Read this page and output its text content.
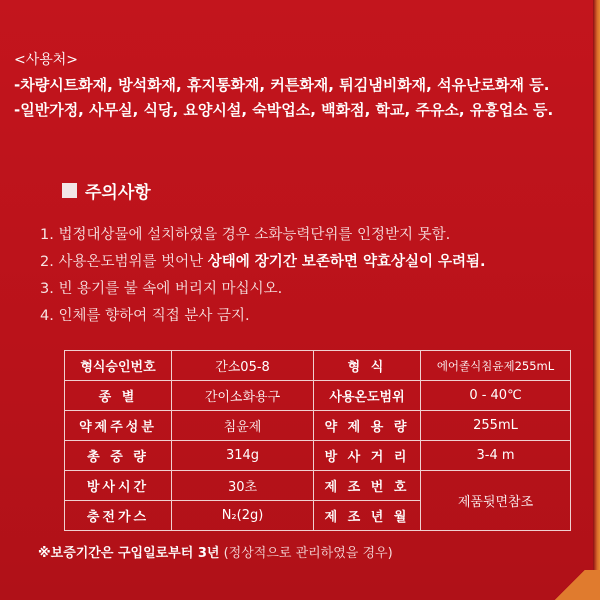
<사용처>
-차량시트화재, 방석화재, 휴지통화재, 커튼화재, 튀김냄비화재, 석유난로화재 등.
-일반가정, 사무실, 식당, 요양시설, 숙박업소, 백화점, 학교, 주유소, 유흥업소 등.
주의사항
1. 법정대상물에 설치하였을 경우 소화능력단위를 인정받지 못함.
2. 사용온도범위를 벗어난 상태에 장기간 보존하면 약효상실이 우려됨.
3. 빈 용기를 불 속에 버리지 마십시오.
4. 인체를 향하여 직접 분사 금지.
형식승인번호	간소05-8	형 식	에어졸식침윤제255mL
종 별	간이소화용구	사용온도범위	0 - 40℃
약제주성분	침윤제	약 제 용 량	255mL
총 중 량	314g	방 사 거 리	3-4 m
방사시간	30초	제 조 번 호	제품뒷면참조
충전가스	N₂(2g)	제 조 년 월	
※보증기간은 구입일로부터 3년 (정상적으로 관리하였을 경우)
